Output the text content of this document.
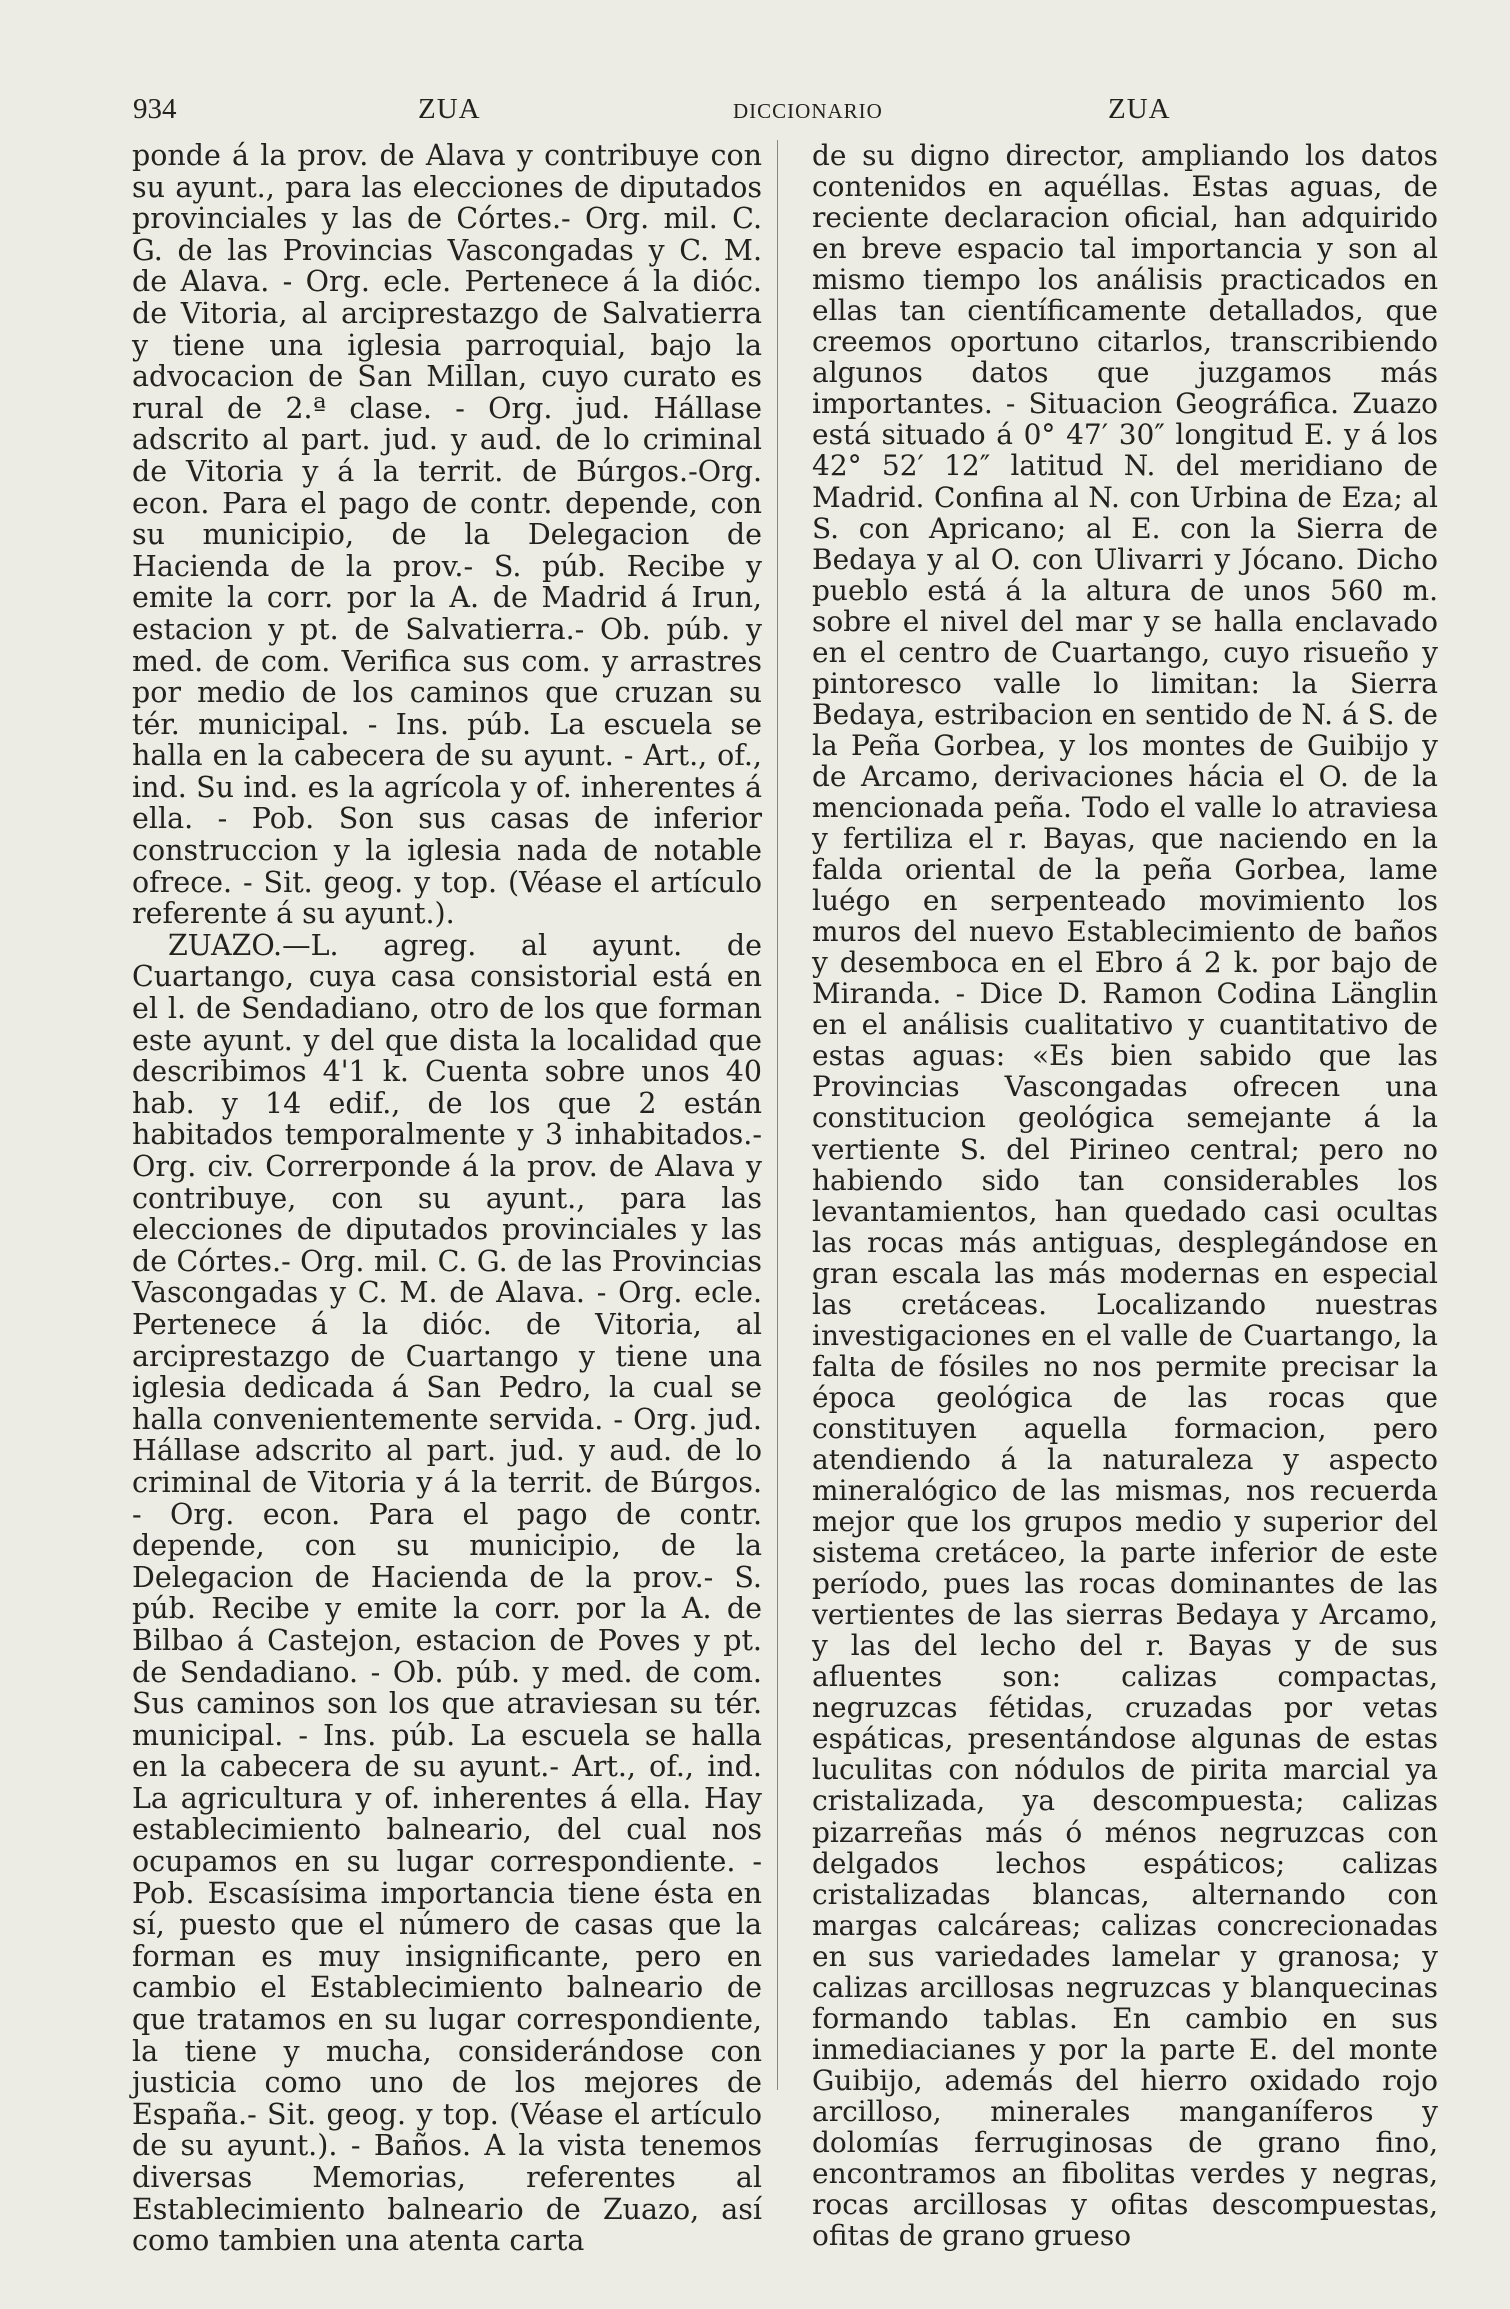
934	ZUA	DICCIONARIO	ZUA

ponde á la prov. de Alava y contribuye con su ayunt., para las elecciones de diputados provinciales y las de Córtes.- Org. mil. C. G. de las Provincias Vascongadas y C. M. de Alava. - Org. ecle. Pertenece á la dióc. de Vitoria, al arciprestazgo de Salvatierra y tiene una iglesia parroquial, bajo la advocacion de San Millan, cuyo curato es rural de 2.ª clase. - Org. jud. Hállase adscrito al part. jud. y aud. de lo criminal de Vitoria y á la territ. de Búrgos.-Org. econ. Para el pago de contr. depende, con su municipio, de la Delegacion de Hacienda de la prov.- S. púb. Recibe y emite la corr. por la A. de Madrid á Irun, estacion y pt. de Salvatierra.- Ob. púb. y med. de com. Verifica sus com. y arrastres por medio de los caminos que cruzan su tér. municipal. - Ins. púb. La escuela se halla en la cabecera de su ayunt. - Art., of., ind. Su ind. es la agrícola y of. inherentes á ella. - Pob. Son sus casas de inferior construccion y la iglesia nada de notable ofrece. - Sit. geog. y top. (Véase el artículo referente á su ayunt.).

ZUAZO.—L. agreg. al ayunt. de Cuartango, cuya casa consistorial está en el l. de Sendadiano, otro de los que forman este ayunt. y del que dista la localidad que describimos 4'1 k. Cuenta sobre unos 40 hab. y 14 edif., de los que 2 están habitados temporalmente y 3 inhabitados.- Org. civ. Correrponde á la prov. de Alava y contribuye, con su ayunt., para las elecciones de diputados provinciales y las de Córtes.- Org. mil. C. G. de las Provincias Vascongadas y C. M. de Alava. - Org. ecle. Pertenece á la dióc. de Vitoria, al arciprestazgo de Cuartango y tiene una iglesia dedicada á San Pedro, la cual se halla convenientemente servida. - Org. jud. Hállase adscrito al part. jud. y aud. de lo criminal de Vitoria y á la territ. de Búrgos. - Org. econ. Para el pago de contr. depende, con su municipio, de la Delegacion de Hacienda de la prov.- S. púb. Recibe y emite la corr. por la A. de Bilbao á Castejon, estacion de Poves y pt. de Sendadiano. - Ob. púb. y med. de com. Sus caminos son los que atraviesan su tér. municipal. - Ins. púb. La escuela se halla en la cabecera de su ayunt.- Art., of., ind. La agricultura y of. inherentes á ella. Hay establecimiento balneario, del cual nos ocupamos en su lugar correspondiente. - Pob. Escasísima importancia tiene ésta en sí, puesto que el número de casas que la forman es muy insignificante, pero en cambio el Establecimiento balneario de que tratamos en su lugar correspondiente, la tiene y mucha, considerándose con justicia como uno de los mejores de España.- Sit. geog. y top. (Véase el artículo de su ayunt.). - Baños. A la vista tenemos diversas Memorias, referentes al Establecimiento balneario de Zuazo, así como tambien una atenta carta

de su digno director, ampliando los datos contenidos en aquéllas. Estas aguas, de reciente declaracion oficial, han adquirido en breve espacio tal importancia y son al mismo tiempo los análisis practicados en ellas tan científicamente detallados, que creemos oportuno citarlos, transcribiendo algunos datos que juzgamos más importantes. - Situacion Geográfica. Zuazo está situado á 0° 47′ 30″ longitud E. y á los 42° 52′ 12″ latitud N. del meridiano de Madrid. Confina al N. con Urbina de Eza; al S. con Apricano; al E. con la Sierra de Bedaya y al O. con Ulivarri y Jócano. Dicho pueblo está á la altura de unos 560 m. sobre el nivel del mar y se halla enclavado en el centro de Cuartango, cuyo risueño y pintoresco valle lo limitan: la Sierra Bedaya, estribacion en sentido de N. á S. de la Peña Gorbea, y los montes de Guibijo y de Arcamo, derivaciones hácia el O. de la mencionada peña. Todo el valle lo atraviesa y fertiliza el r. Bayas, que naciendo en la falda oriental de la peña Gorbea, lame luégo en serpenteado movimiento los muros del nuevo Establecimiento de baños y desemboca en el Ebro á 2 k. por bajo de Miranda. - Dice D. Ramon Codina Länglin en el análisis cualitativo y cuantitativo de estas aguas: «Es bien sabido que las Provincias Vascongadas ofrecen una constitucion geológica semejante á la vertiente S. del Pirineo central; pero no habiendo sido tan considerables los levantamientos, han quedado casi ocultas las rocas más antiguas, desplegándose en gran escala las más modernas en especial las cretáceas. Localizando nuestras investigaciones en el valle de Cuartango, la falta de fósiles no nos permite precisar la época geológica de las rocas que constituyen aquella formacion, pero atendiendo á la naturaleza y aspecto mineralógico de las mismas, nos recuerda mejor que los grupos medio y superior del sistema cretáceo, la parte inferior de este período, pues las rocas dominantes de las vertientes de las sierras Bedaya y Arcamo, y las del lecho del r. Bayas y de sus afluentes son: calizas compactas, negruzcas fétidas, cruzadas por vetas espáticas, presentándose algunas de estas luculitas con nódulos de pirita marcial ya cristalizada, ya descompuesta; calizas pizarreñas más ó ménos negruzcas con delgados lechos espáticos; calizas cristalizadas blancas, alternando con margas calcáreas; calizas concrecionadas en sus variedades lamelar y granosa; y calizas arcillosas negruzcas y blanquecinas formando tablas. En cambio en sus inmediacianes y por la parte E. del monte Guibijo, además del hierro oxidado rojo arcilloso, minerales manganíferos y dolomías ferruginosas de grano fino, encontramos an fibolitas verdes y negras, rocas arcillosas y ofitas descompuestas, ofitas de grano grueso
